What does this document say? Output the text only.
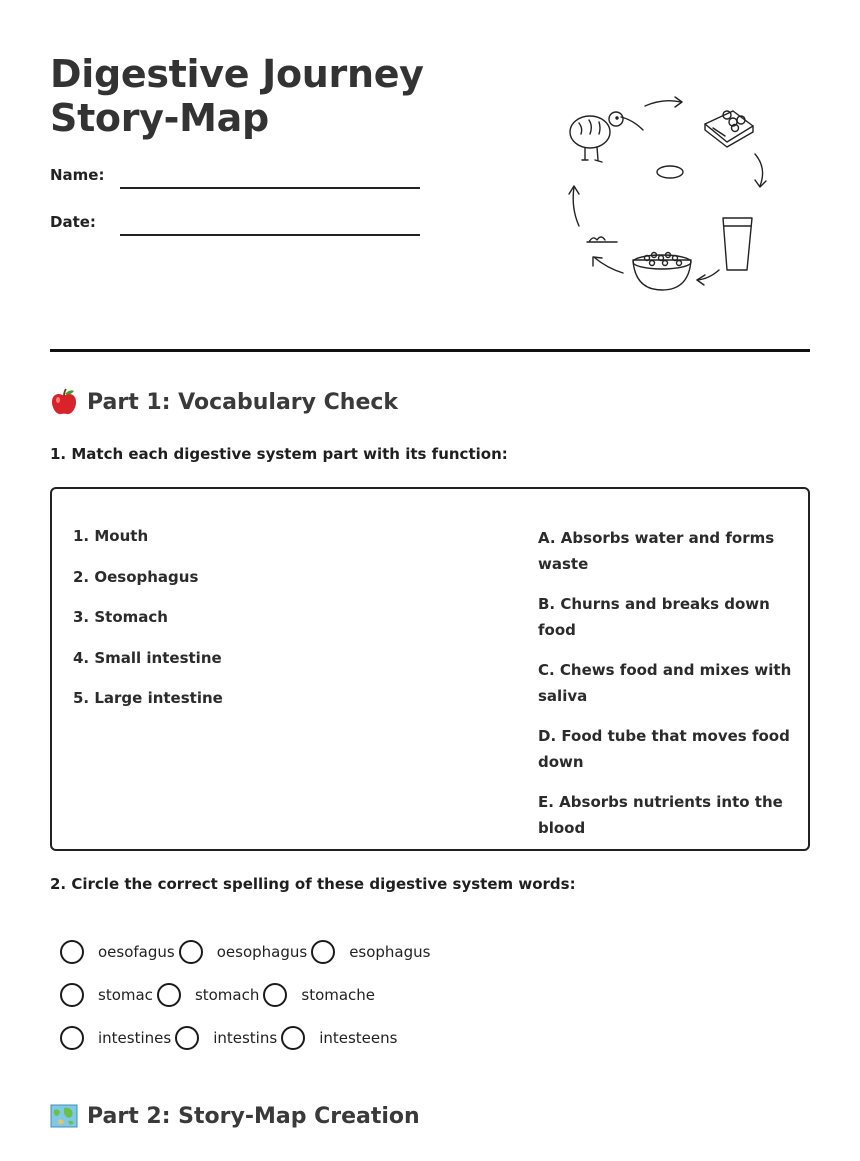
Digestive Journey
Story-Map
Name:
Date:
Part 1: Vocabulary Check
1. Match each digestive system part with its function:
1. Mouth
2. Oesophagus
3. Stomach
4. Small intestine
5. Large intestine
A. Absorbs water and forms waste
B. Churns and breaks down food
C. Chews food and mixes with saliva
D. Food tube that moves food down
E. Absorbs nutrients into the blood
2. Circle the correct spelling of these digestive system words:
oesofagus	oesophagus	esophagus
stomac	stomach	stomache
intestines	intestins	intesteens
Part 2: Story-Map Creation
